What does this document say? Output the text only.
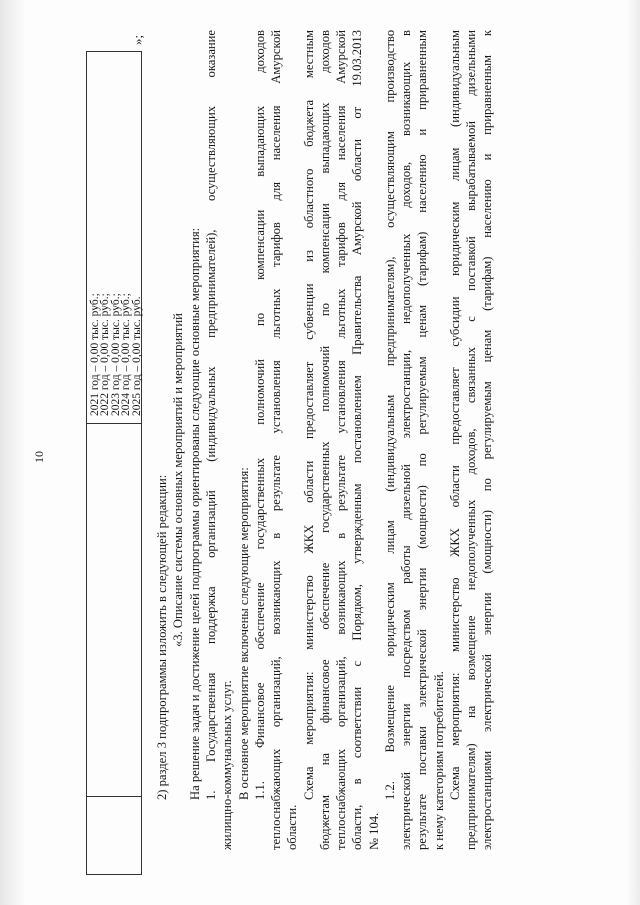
10
2021 год – 0,00 тыс. руб.;
2022 год – 0,00 тыс. руб.;
2023 год – 0,00 тыс. руб.;
2024 год – 0,00 тыс. руб.;
2025 год – 0,00 тыс. руб.
»;
2) раздел 3 подпрограммы изложить в следующей редакции: «3. Описание системы основных мероприятий и мероприятий На решение задач и достижение целей подпрограммы ориентированы следующие основные мероприятия: 1. Государственная поддержка организаций (индивидуальных предпринимателей), осуществляющих оказание жилищно-коммунальных услуг. В основное мероприятие включены следующие мероприятия: 1.1. Финансовое обеспечение государственных полномочий по компенсации выпадающих доходов теплоснабжающих организаций, возникающих в результате установления льготных тарифов для населения Амурской области.
Схема мероприятия: министерство ЖКХ области предоставляет субвенции из областного бюджета местным бюджетам на финансовое обеспечение государственных полномочий по компенсации выпадающих доходов теплоснабжающих организаций, возникающих в результате установления льготных тарифов для населения Амурской области, в соответствии с Порядком, утвержденным постановлением Правительства Амурской области от 19.03.2013 № 104.
1.2. Возмещение юридическим лицам (индивидуальным предпринимателям), осуществляющим производство электрической энергии посредством работы дизельной электростанции, недополученных доходов, возникающих в результате поставки электрической энергии (мощности) по регулируемым ценам (тарифам) населению и приравненным к нему категориям потребителей. Схема мероприятия: министерство ЖКХ области предоставляет субсидии юридическим лицам (индивидуальным предпринимателям) на возмещение недополученных доходов, связанных с поставкой вырабатываемой дизельными электростанциями электрической энергии (мощности) по регулируемым ценам (тарифам) населению и приравненным к
